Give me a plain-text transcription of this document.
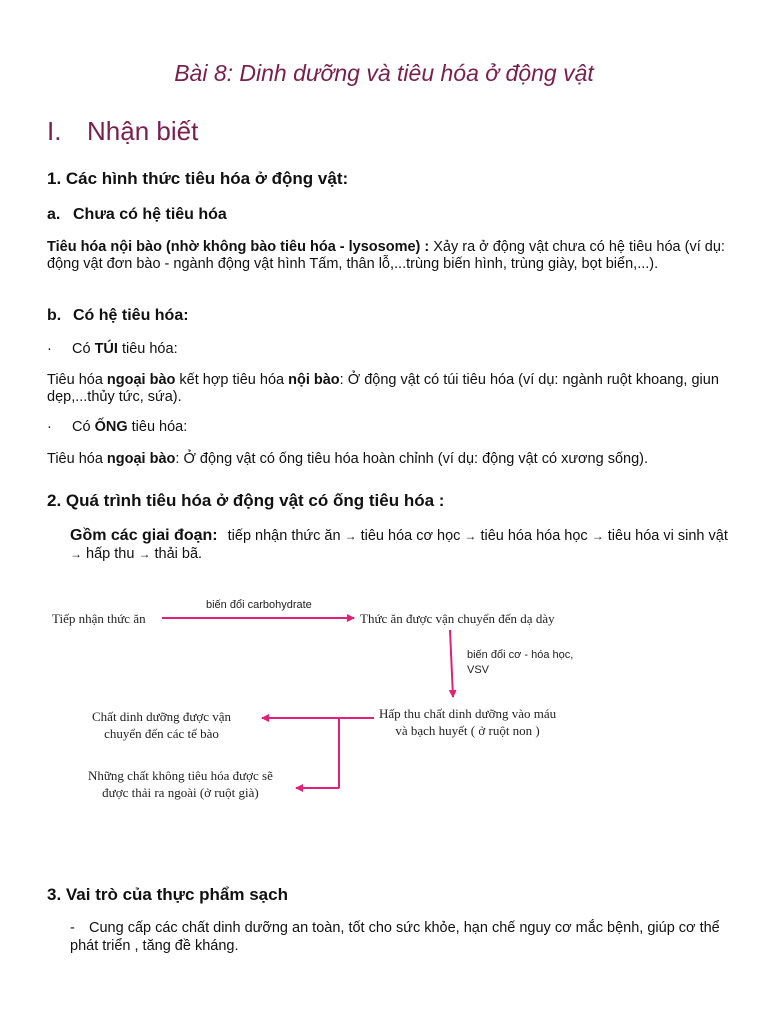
Bài 8: Dinh dưỡng và tiêu hóa ở động vật
I. Nhận biết
1. Các hình thức tiêu hóa ở động vật:
a. Chưa có hệ tiêu hóa

Tiêu hóa nội bào (nhờ không bào tiêu hóa - lysosome) : Xảy ra ở động vật chưa có hệ tiêu hóa (ví dụ: động vật đơn bào - ngành động vật hình Tấm, thân lỗ,...trùng biến hình, trùng giày, bọt biển,...).

b. Có hệ tiêu hóa:
· Có TÚI tiêu hóa:

Tiêu hóa ngoại bào kết hợp tiêu hóa nội bào: Ở động vật có túi tiêu hóa (ví dụ: ngành ruột khoang, giun dẹp,...thủy tức, sứa).

· Có ỐNG tiêu hóa:

Tiêu hóa ngoại bào: Ở động vật có ống tiêu hóa hoàn chỉnh (ví dụ: động vật có xương sống).

2. Quá trình tiêu hóa ở động vật có ống tiêu hóa :
Gồm các giai đoạn: tiếp nhận thức ăn → tiêu hóa cơ học → tiêu hóa hóa học → tiêu hóa vi sinh vật → hấp thu → thải bã.
Tiếp nhận thức ăn
biến đổi carbohydrate
Thức ăn được vận chuyển đến dạ dày
biến đổi cơ - hóa học,
VSV
Hấp thu chất dinh dưỡng vào máu
và bạch huyết ( ở ruột non )
Chất dinh dưỡng được vận
chuyển đến các tế bào
Những chất không tiêu hóa được sẽ
được thải ra ngoài (ở ruột già)
3. Vai trò của thực phẩm sạch
- Cung cấp các chất dinh dưỡng an toàn, tốt cho sức khỏe, hạn chế nguy cơ mắc bệnh, giúp cơ thể phát triển , tăng đề kháng.
